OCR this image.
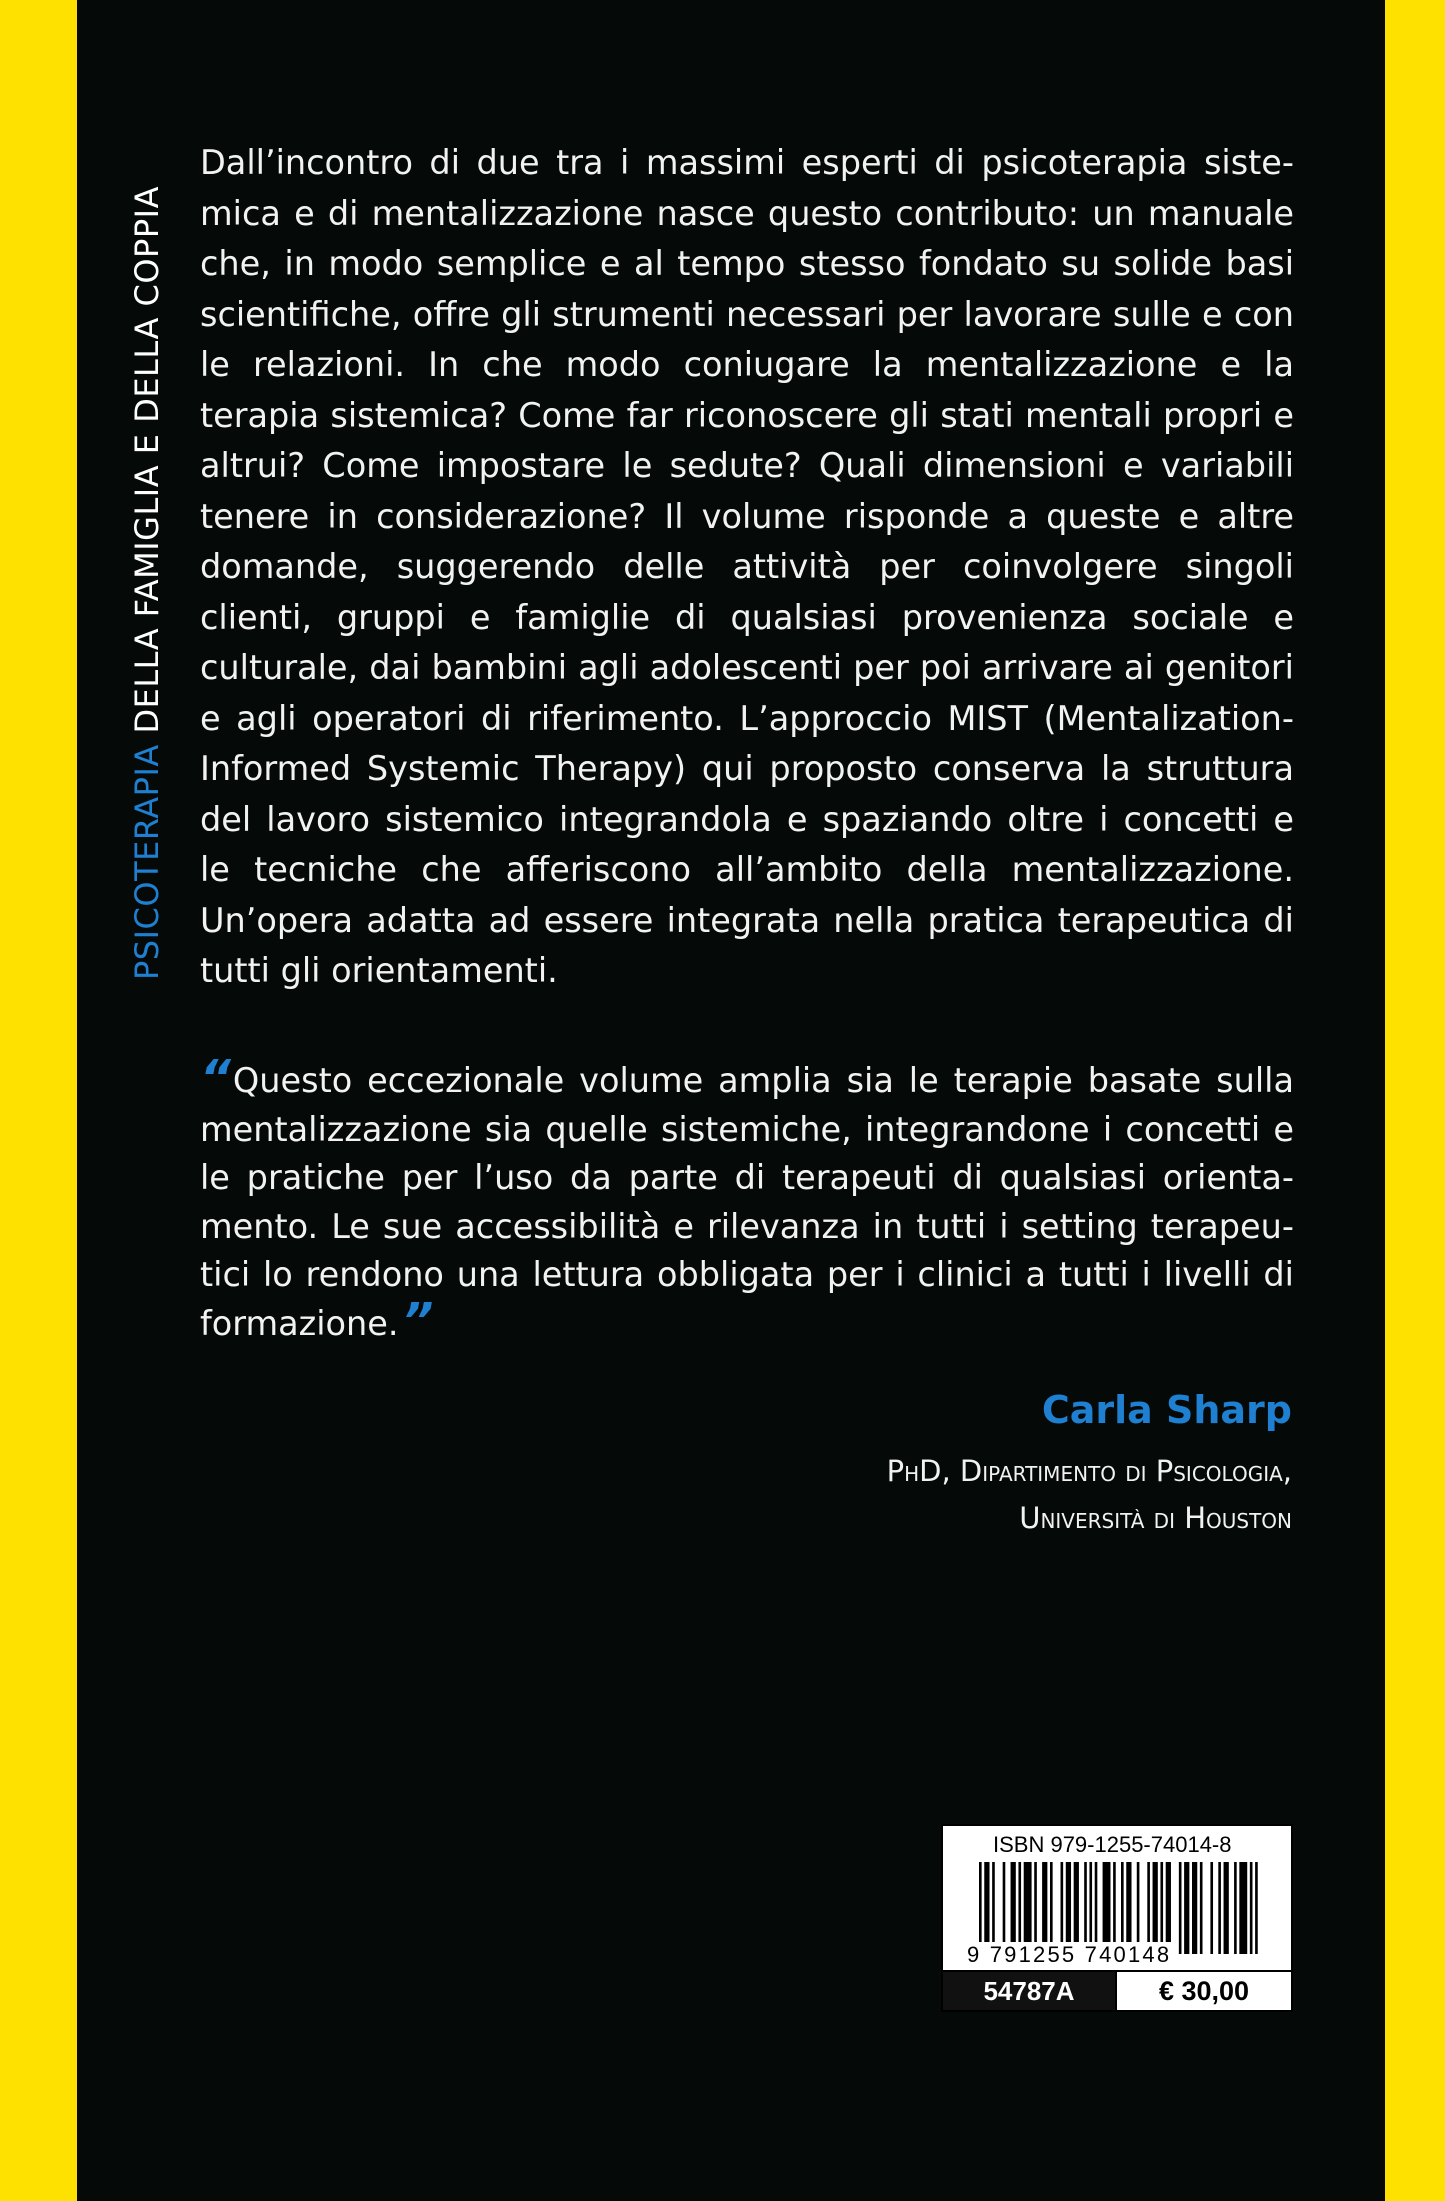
PSICOTERAPIA DELLA FAMIGLIA E DELLA COPPIA

Dall’incontro di due tra i massimi esperti di psicoterapia sistemica e di mentalizzazione nasce questo contributo: un manuale che, in modo semplice e al tempo stesso fondato su solide basi scientifiche, offre gli strumenti necessari per lavorare sulle e con le relazioni. In che modo coniugare la mentalizzazione e la terapia sistemica? Come far riconoscere gli stati mentali propri e altrui? Come impostare le sedute? Quali dimensioni e variabili tenere in considerazione? Il volume risponde a queste e altre domande, suggerendo delle attività per coinvolgere singoli clienti, gruppi e famiglie di qualsiasi provenienza sociale e culturale, dai bambini agli adolescenti per poi arrivare ai genitori e agli operatori di riferimento. L’approccio MIST (Mentalization-Informed Systemic Therapy) qui proposto conserva la struttura del lavoro sistemico integrandola e spaziando oltre i concetti e le tecniche che afferiscono all’ambito della mentalizzazione. Un’opera adatta ad essere integrata nella pratica terapeutica di tutti gli orientamenti.

“ Questo eccezionale volume amplia sia le terapie basate sulla mentalizzazione sia quelle sistemiche, integrandone i concetti e le pratiche per l’uso da parte di terapeuti di qualsiasi orientamento. Le sue accessibilità e rilevanza in tutti i setting terapeutici lo rendono una lettura obbligata per i clinici a tutti i livelli di formazione.”

Carla Sharp
PhD, Dipartimento di Psicologia,
Università di Houston
ISBN 979-1255-74014-8
9 791255 740148
54787A	€ 30,00
